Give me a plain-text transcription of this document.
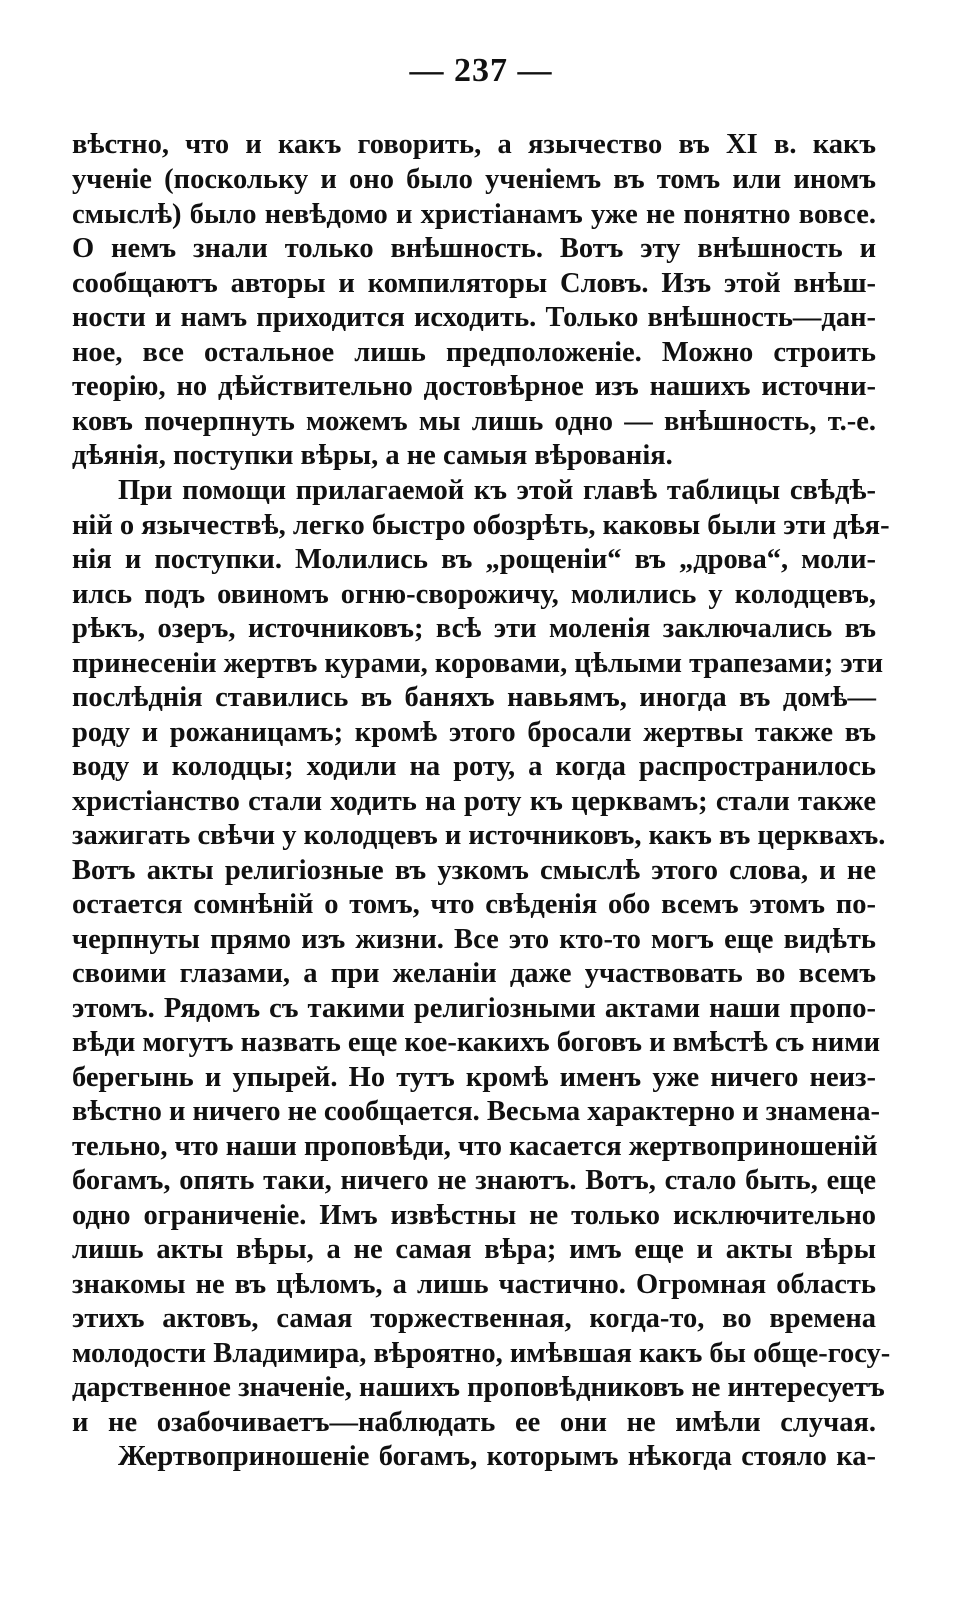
— 237 —
вѣстно, что и какъ говорить, а язычество въ XI в. какъ
ученіе (поскольку и оно было ученіемъ въ томъ или иномъ
смыслѣ) было невѣдомо и христіанамъ уже не понятно вовсе.
О немъ знали только внѣшность. Вотъ эту внѣшность и
сообщаютъ авторы и компиляторы Словъ. Изъ этой внѣш-
ности и намъ приходится исходить. Только внѣшность—дан-
ное, все остальное лишь предположеніе. Можно строить
теорію, но дѣйствительно достовѣрное изъ нашихъ источни-
ковъ почерпнуть можемъ мы лишь одно — внѣшность, т.-е.
дѣянія, поступки вѣры, а не самыя вѣрованія.
При помощи прилагаемой къ этой главѣ таблицы свѣдѣ-
ній о язычествѣ, легко быстро обозрѣть, каковы были эти дѣя-
нія и поступки. Молились въ „рощеніи“ въ „дрова“, моли-
илсь подъ овиномъ огню-сворожичу, молились у колодцевъ,
рѣкъ, озеръ, источниковъ; всѣ эти моленія заключались въ
принесеніи жертвъ курами, коровами, цѣлыми трапезами; эти
послѣднія ставились въ баняхъ навьямъ, иногда въ домѣ—
роду и рожаницамъ; кромѣ этого бросали жертвы также въ
воду и колодцы; ходили на роту, а когда распространилось
христіанство стали ходить на роту къ церквамъ; стали также
зажигать свѣчи у колодцевъ и источниковъ, какъ въ церквахъ.
Вотъ акты религіозные въ узкомъ смыслѣ этого слова, и не
остается сомнѣній о томъ, что свѣденія обо всемъ этомъ по-
черпнуты прямо изъ жизни. Все это кто-то могъ еще видѣть
своими глазами, а при желаніи даже участвовать во всемъ
этомъ. Рядомъ съ такими религіозными актами наши пропо-
вѣди могутъ назвать еще кое-какихъ боговъ и вмѣстѣ съ ними
берегынь и упырей. Но тутъ кромѣ именъ уже ничего неиз-
вѣстно и ничего не сообщается. Весьма характерно и знамена-
тельно, что наши проповѣди, что касается жертвоприношеній
богамъ, опять таки, ничего не знаютъ. Вотъ, стало быть, еще
одно ограниченіе. Имъ извѣстны не только исключительно
лишь акты вѣры, а не самая вѣра; имъ еще и акты вѣры
знакомы не въ цѣломъ, а лишь частично. Огромная область
этихъ актовъ, самая торжественная, когда-то, во времена
молодости Владимира, вѣроятно, имѣвшая какъ бы обще-госу-
дарственное значеніе, нашихъ проповѣдниковъ не интересуетъ
и не озабочиваетъ—наблюдать ее они не имѣли случая.
Жертвоприношеніе богамъ, которымъ нѣкогда стояло ка-
